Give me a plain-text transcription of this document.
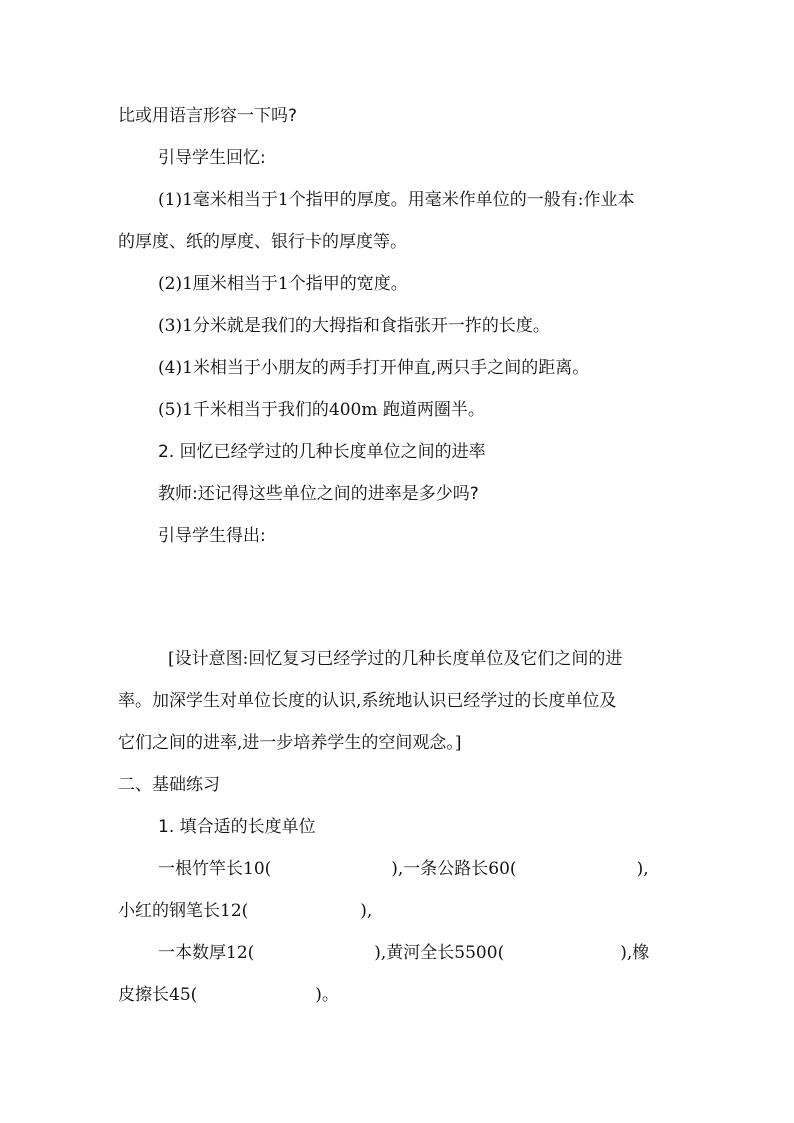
比或用语言形容一下吗?
引导学生回忆:
(1)1毫米相当于1个指甲的厚度。用毫米作单位的一般有:作业本
的厚度、纸的厚度、银行卡的厚度等。
(2)1厘米相当于1个指甲的宽度。
(3)1分米就是我们的大拇指和食指张开一拃的长度。
(4)1米相当于小朋友的两手打开伸直,两只手之间的距离。
(5)1千米相当于我们的400m 跑道两圈半。
2. 回忆已经学过的几种长度单位之间的进率
教师:还记得这些单位之间的进率是多少吗?
引导学生得出:
[设计意图:回忆复习已经学过的几种长度单位及它们之间的进
率。加深学生对单位长度的认识,系统地认识已经学过的长度单位及
它们之间的进率,进一步培养学生的空间观念。]
二、基础练习
1. 填合适的长度单位
一根竹竿长10(	),一条公路长60(	),
小红的钢笔长12(	),
一本数厚12(	),黄河全长5500(	),橡
皮擦长45(	)。
